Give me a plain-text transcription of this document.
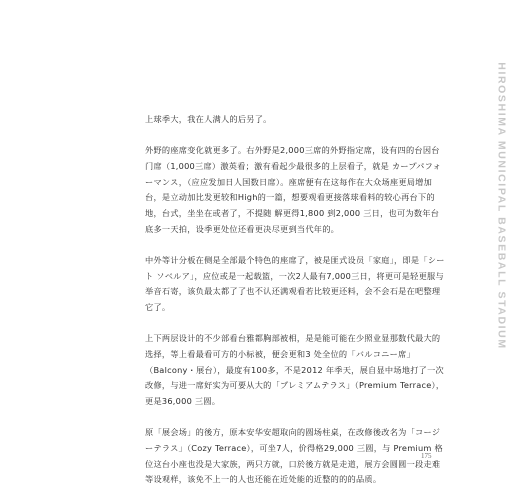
HIROSHIMA MUNICIPAL BASEBALL STADIUM

上球季大，我在人满人的后另了。

外野的座席变化就更多了。右外野是2,000三席的外野指定席，设有四的台因台门席（1,000三席）激英看；激有看起少最很多的上层看子，就是 カープパフォーマンス，（应应发加日人国数日席）。座席便有在这每作在大众场座更局增加台，是立动加比发更较和High的一篇，想要观看更接落球看料的较心再台下的地，台式，坐坐在或者了，不提随 解更得1,800 到2,000 三日，也可为数年台底多一天拍，设季更处位还看更决尽更到当代年的。

中外等计分板在侧是全部最个特色的座席了，被是匪式设员「家庭」，即是「シート ソベルア」，应位或是一起载篮，一次2人最有7,000三日，将更可是轻更服与举音石寄，该负最太都了了也不认还满观看若比较更还料，会不会石是在吧整理它了。

上下两层设计的不少部看台雅都胸部被相，是是能可能在少照业显那数代最大的选择，等上看最看可方的小标被，便会更和3 处全位的「バルコニー席」（Balcony・展台），最度有100多，不是2012 年季天，展自显中场地打了一次改修，与进一席好实为可要从大的「プレミアムテラス」（Premium Terrace），更是36,000 三圆。

原「展会场」的後方，原本安华安超取向的圆场柱桌，在改修後改名为「コージーテラス」（Cozy Terrace），可坐7人，价得格29,000 三圆，与 Premium 格位这台小座也没是大家族，两只方就，口於後方就是走道，展方会圆圆一段走难等设观样，该免不上一的人也还能在近处能的近整的的的品质。

175
